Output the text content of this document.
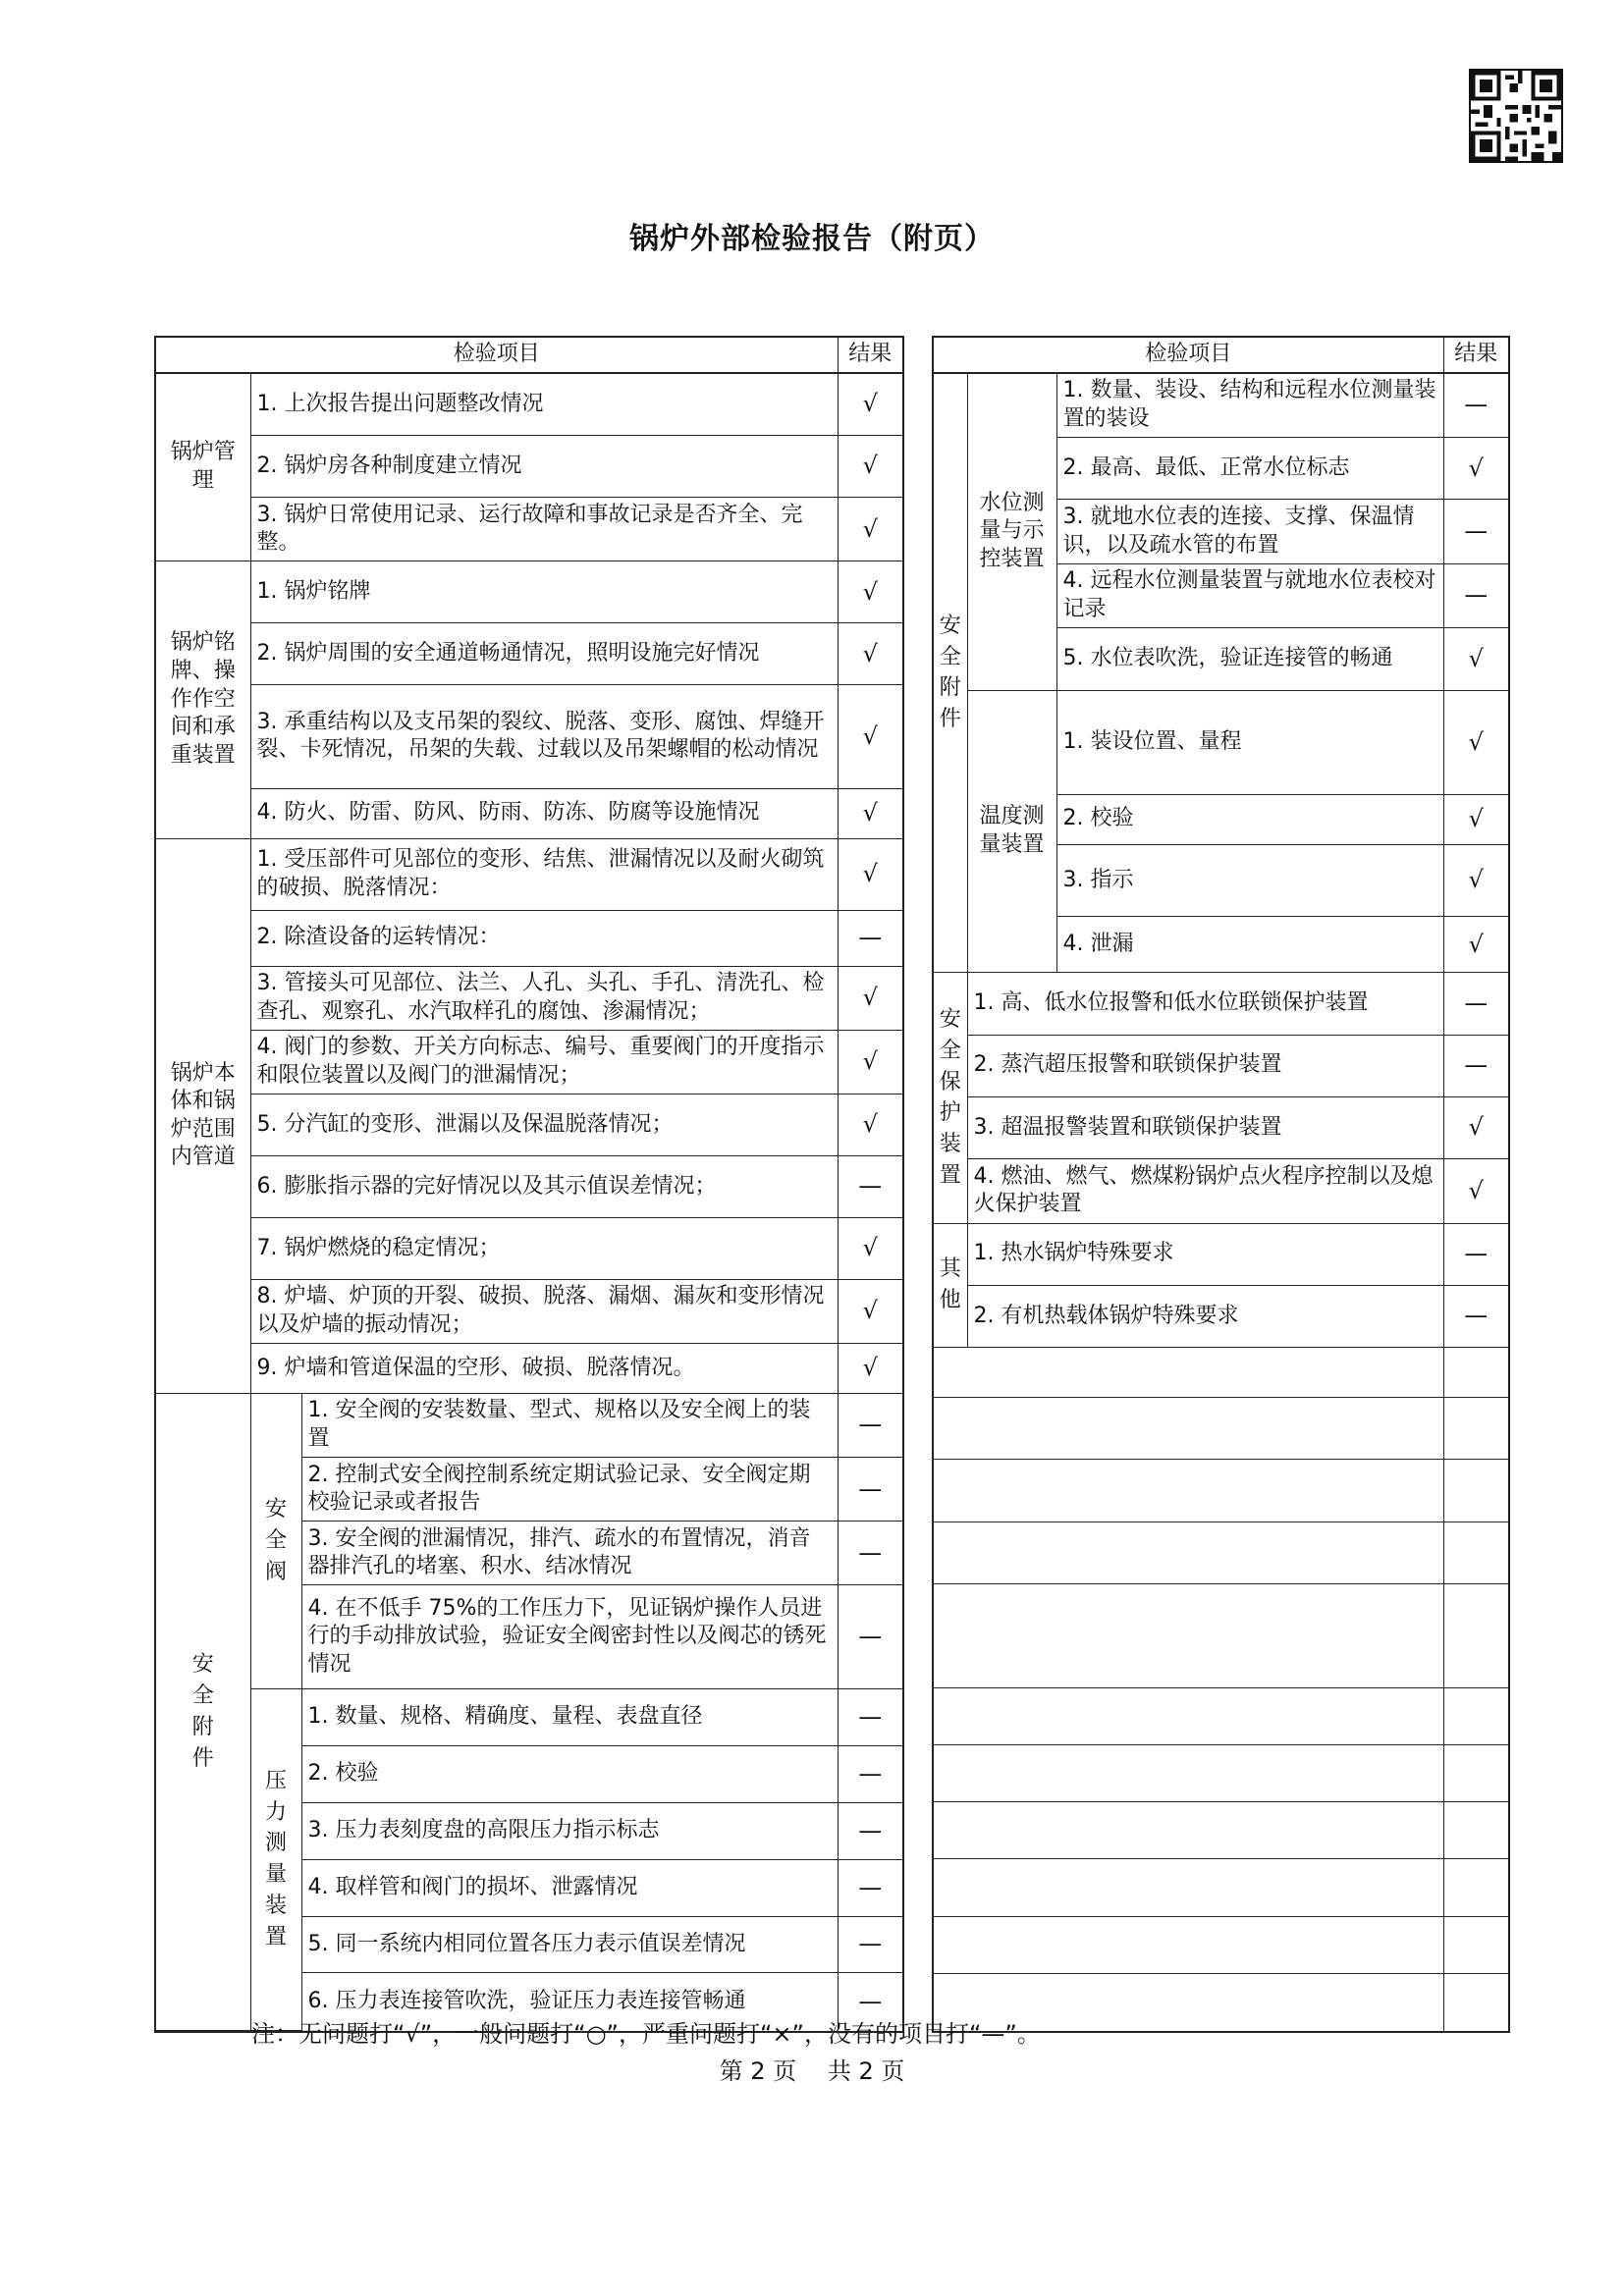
锅炉外部检验报告（附页）
检验项目	结果
			检验项目	结果

锅炉管理	1. 上次报告提出问题整改情况	√
2. 锅炉房各种制度建立情况	√
3. 锅炉日常使用记录、运行故障和事故记录是否齐全、完整。	√
锅炉铭牌、操作作空间和承重装置	1. 锅炉铭牌	√
2. 锅炉周围的安全通道畅通情况，照明设施完好情况	√
3. 承重结构以及支吊架的裂纹、脱落、变形、腐蚀、焊缝开裂、卡死情况，吊架的失载、过载以及吊架螺帽的松动情况	√
4. 防火、防雷、防风、防雨、防冻、防腐等设施情况	√
锅炉本体和锅炉范围内管道	1. 受压部件可见部位的变形、结焦、泄漏情况以及耐火砌筑的破损、脱落情况：	√
2. 除渣设备的运转情况：	—
3. 管接头可见部位、法兰、人孔、头孔、手孔、清洗孔、检查孔、观察孔、水汽取样孔的腐蚀、渗漏情况；	√
4. 阀门的参数、开关方向标志、编号、重要阀门的开度指示和限位装置以及阀门的泄漏情况；	√
5. 分汽缸的变形、泄漏以及保温脱落情况；	√
6. 膨胀指示器的完好情况以及其示值误差情况；	—
7. 锅炉燃烧的稳定情况；	√
8. 炉墙、炉顶的开裂、破损、脱落、漏烟、漏灰和变形情况以及炉墙的振动情况；	√
9. 炉墙和管道保温的空形、破损、脱落情况。	√
安全附件	安全阀	1. 安全阀的安装数量、型式、规格以及安全阀上的装置	—
2. 控制式安全阀控制系统定期试验记录、安全阀定期校验记录或者报告	—
3. 安全阀的泄漏情况，排汽、疏水的布置情况，消音器排汽孔的堵塞、积水、结冰情况	—
4. 在不低手 75%的工作压力下，见证锅炉操作人员进行的手动排放试验，验证安全阀密封性以及阀芯的锈死情况	—
压力测量装置	1. 数量、规格、精确度、量程、表盘直径	—
2. 校验	—
3. 压力表刻度盘的高限压力指示标志	—
4. 取样管和阀门的损坏、泄露情况	—
5. 同一系统内相同位置各压力表示值误差情况	—
6. 压力表连接管吹洗，验证压力表连接管畅通	—

安全附件	水位测量与示控装置	1. 数量、装设、结构和远程水位测量装置的装设	—
2. 最高、最低、正常水位标志	√
3. 就地水位表的连接、支撑、保温情识，以及疏水管的布置	—
4. 远程水位测量装置与就地水位表校对记录	—
5. 水位表吹洗，验证连接管的畅通	√
温度测量装置	1. 装设位置、量程	√
2. 校验	√
3. 指示	√
4. 泄漏	√
安全保护装置	1. 高、低水位报警和低水位联锁保护装置	—
2. 蒸汽超压报警和联锁保护装置	—
3. 超温报警装置和联锁保护装置	√
4. 燃油、燃气、燃煤粉锅炉点火程序控制以及熄火保护装置	√
其他	1. 热水锅炉特殊要求	—
2. 有机热载体锅炉特殊要求	—

注：无问题打“√”，一般问题打“○”，严重问题打“×”，没有的项目打“—”。
第 2 页 共 2 页
